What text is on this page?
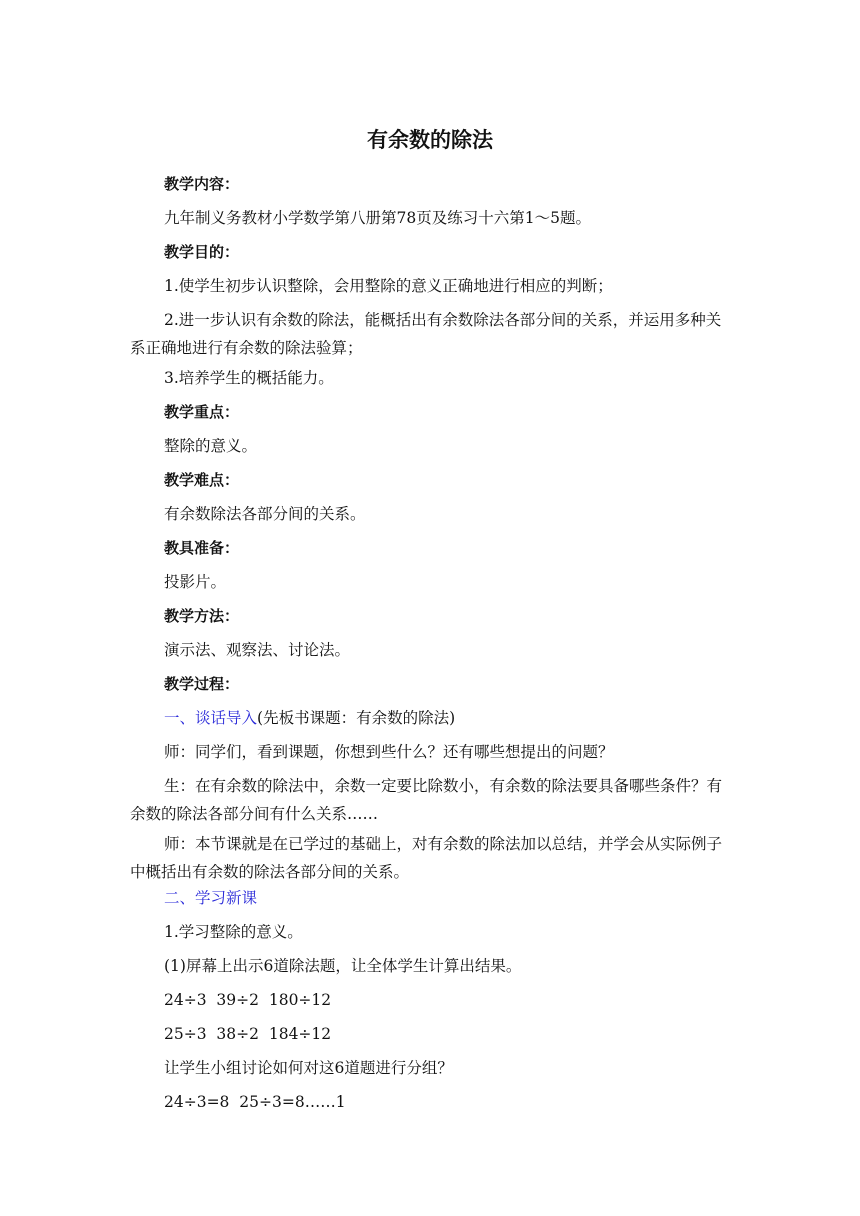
有余数的除法

教学内容：

九年制义务教材小学数学第八册第78页及练习十六第1～5题。

教学目的：

1.使学生初步认识整除，会用整除的意义正确地进行相应的判断；

2.进一步认识有余数的除法，能概括出有余数除法各部分间的关系，并运用多种关系正确地进行有余数的除法验算；

3.培养学生的概括能力。

教学重点：

整除的意义。

教学难点：

有余数除法各部分间的关系。

教具准备：

投影片。

教学方法：

演示法、观察法、讨论法。

教学过程：

一、谈话导入(先板书课题：有余数的除法)

师：同学们，看到课题，你想到些什么？还有哪些想提出的问题？

生：在有余数的除法中，余数一定要比除数小，有余数的除法要具备哪些条件？有余数的除法各部分间有什么关系……

师：本节课就是在已学过的基础上，对有余数的除法加以总结，并学会从实际例子中概括出有余数的除法各部分间的关系。

二、学习新课

1.学习整除的意义。

(1)屏幕上出示6道除法题，让全体学生计算出结果。

24÷3  39÷2  180÷12

25÷3  38÷2  184÷12

让学生小组讨论如何对这6道题进行分组？

24÷3=8  25÷3=8……1
